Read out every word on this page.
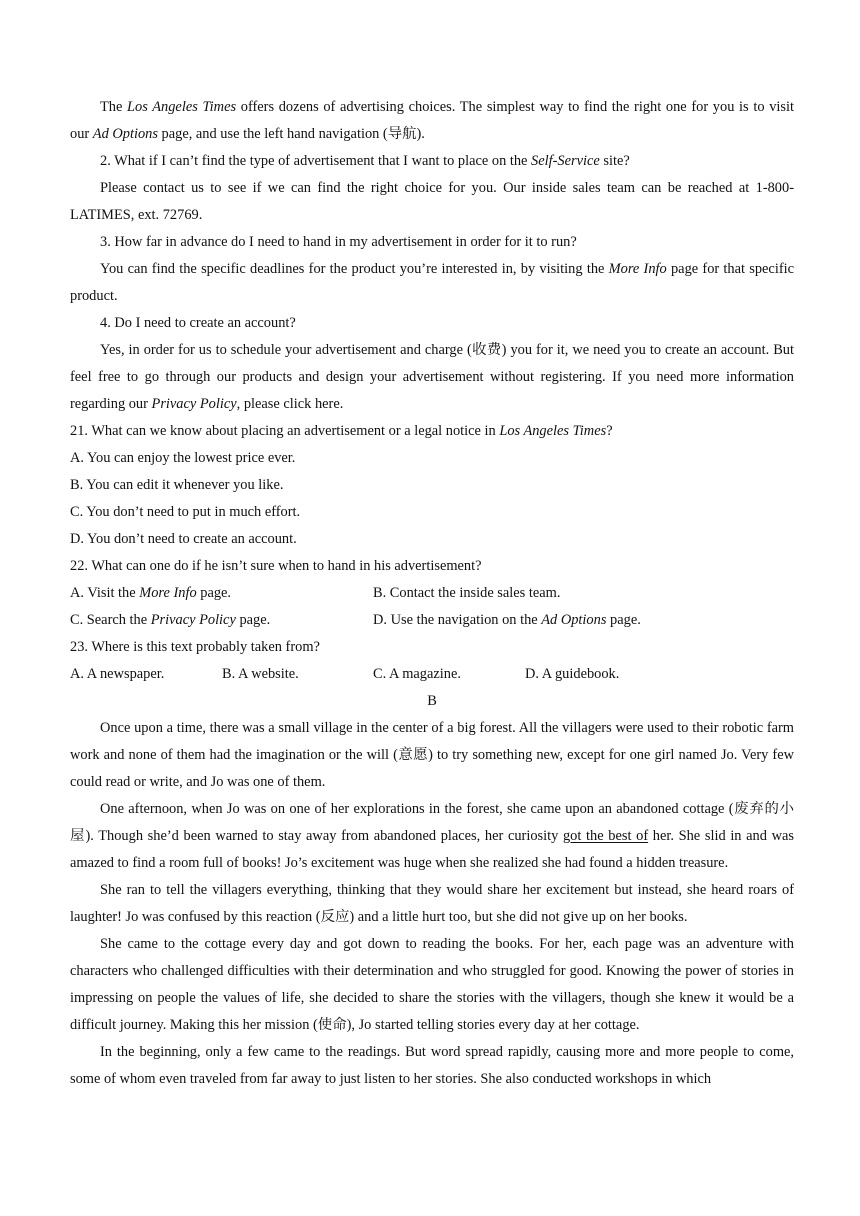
The Los Angeles Times offers dozens of advertising choices. The simplest way to find the right one for you is to visit our Ad Options page, and use the left hand navigation (导航).

2. What if I can’t find the type of advertisement that I want to place on the Self-Service site?

Please contact us to see if we can find the right choice for you. Our inside sales team can be reached at 1-800-LATIMES, ext. 72769.

3. How far in advance do I need to hand in my advertisement in order for it to run?

You can find the specific deadlines for the product you’re interested in, by visiting the More Info page for that specific product.

4. Do I need to create an account?

Yes, in order for us to schedule your advertisement and charge (收费) you for it, we need you to create an account. But feel free to go through our products and design your advertisement without registering. If you need more information regarding our Privacy Policy, please click here.

21. What can we know about placing an advertisement or a legal notice in Los Angeles Times?

A. You can enjoy the lowest price ever.

B. You can edit it whenever you like.

C. You don’t need to put in much effort.

D. You don’t need to create an account.

22. What can one do if he isn’t sure when to hand in his advertisement?

A. Visit the More Info page.	B. Contact the inside sales team.
C. Search the Privacy Policy page.	D. Use the navigation on the Ad Options page.

23. Where is this text probably taken from?

A. A newspaper.	B. A website.	C. A magazine.	D. A guidebook.

B

Once upon a time, there was a small village in the center of a big forest. All the villagers were used to their robotic farm work and none of them had the imagination or the will (意愿) to try something new, except for one girl named Jo. Very few could read or write, and Jo was one of them.

One afternoon, when Jo was on one of her explorations in the forest, she came upon an abandoned cottage (废弃的小屋). Though she’d been warned to stay away from abandoned places, her curiosity got the best of her. She slid in and was amazed to find a room full of books! Jo’s excitement was huge when she realized she had found a hidden treasure.

She ran to tell the villagers everything, thinking that they would share her excitement but instead, she heard roars of laughter! Jo was confused by this reaction (反应) and a little hurt too, but she did not give up on her books.

She came to the cottage every day and got down to reading the books. For her, each page was an adventure with characters who challenged difficulties with their determination and who struggled for good. Knowing the power of stories in impressing on people the values of life, she decided to share the stories with the villagers, though she knew it would be a difficult journey. Making this her mission (使命), Jo started telling stories every day at her cottage.

In the beginning, only a few came to the readings. But word spread rapidly, causing more and more people to come, some of whom even traveled from far away to just listen to her stories. She also conducted workshops in which
